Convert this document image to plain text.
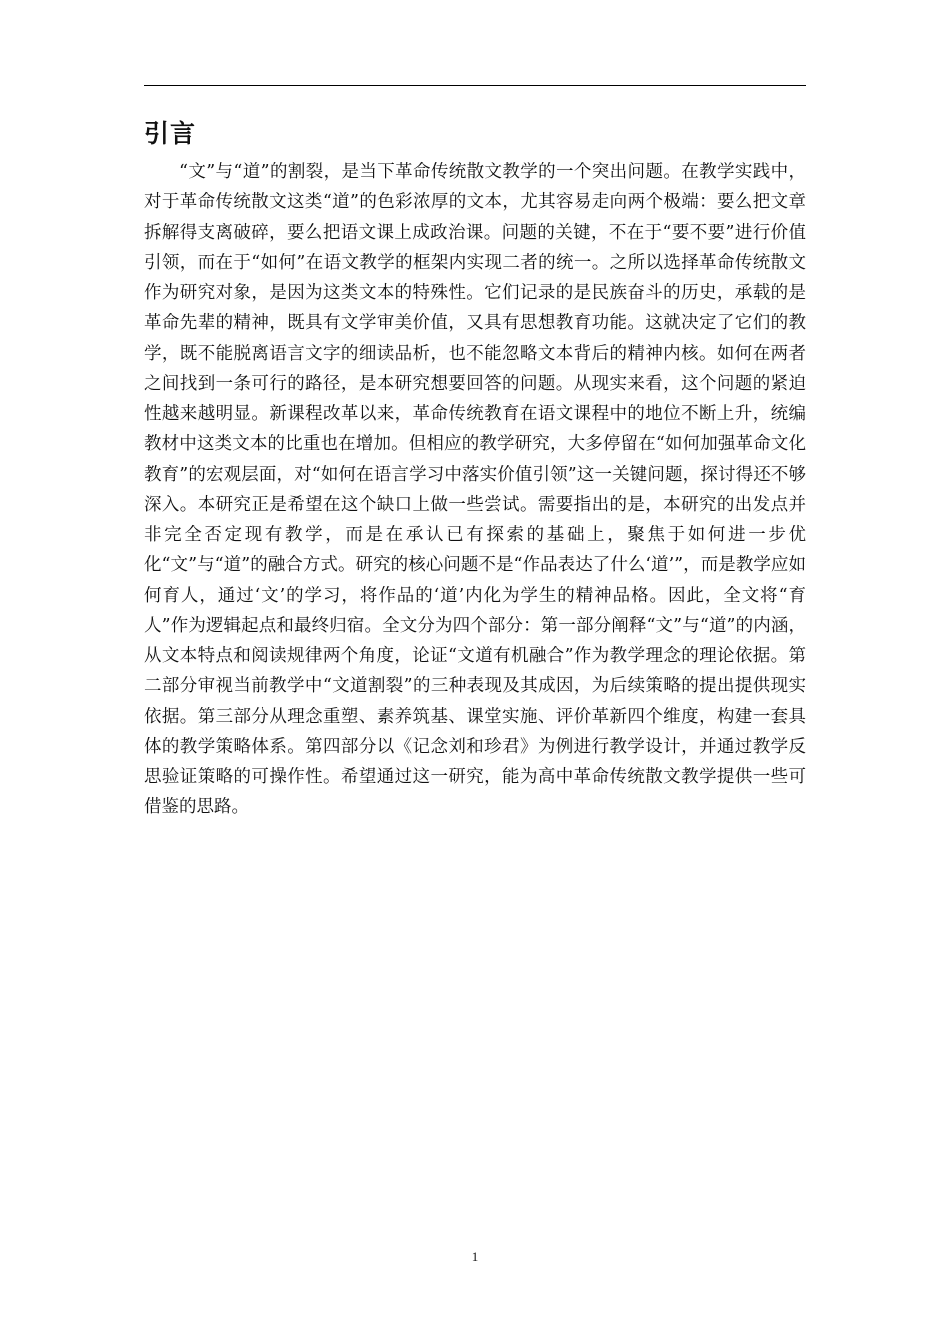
引言

“文”与“道”的割裂，是当下革命传统散文教学的一个突出问题。在教学实践中，对于革命传统散文这类“道”的色彩浓厚的文本，尤其容易走向两个极端：要么把文章拆解得支离破碎，要么把语文课上成政治课。问题的关键，不在于“要不要”进行价值引领，而在于“如何”在语文教学的框架内实现二者的统一。之所以选择革命传统散文作为研究对象，是因为这类文本的特殊性。它们记录的是民族奋斗的历史，承载的是革命先辈的精神，既具有文学审美价值，又具有思想教育功能。这就决定了它们的教学，既不能脱离语言文字的细读品析，也不能忽略文本背后的精神内核。如何在两者之间找到一条可行的路径，是本研究想要回答的问题。从现实来看，这个问题的紧迫性越来越明显。新课程改革以来，革命传统教育在语文课程中的地位不断上升，统编教材中这类文本的比重也在增加。但相应的教学研究，大多停留在“如何加强革命文化教育”的宏观层面，对“如何在语言学习中落实价值引领”这一关键问题，探讨得还不够深入。本研究正是希望在这个缺口上做一些尝试。需要指出的是，本研究的出发点并非完全否定现有教学，而是在承认已有探索的基础上，聚焦于如何进一步优化“文”与“道”的融合方式。研究的核心问题不是“作品表达了什么‘道’”，而是教学应如何育人，通过‘文’的学习，将作品的‘道’内化为学生的精神品格。因此，全文将“育人”作为逻辑起点和最终归宿。全文分为四个部分：第一部分阐释“文”与“道”的内涵，从文本特点和阅读规律两个角度，论证“文道有机融合”作为教学理念的理论依据。第二部分审视当前教学中“文道割裂”的三种表现及其成因，为后续策略的提出提供现实依据。第三部分从理念重塑、素养筑基、课堂实施、评价革新四个维度，构建一套具体的教学策略体系。第四部分以《记念刘和珍君》为例进行教学设计，并通过教学反思验证策略的可操作性。希望通过这一研究，能为高中革命传统散文教学提供一些可借鉴的思路。

1
